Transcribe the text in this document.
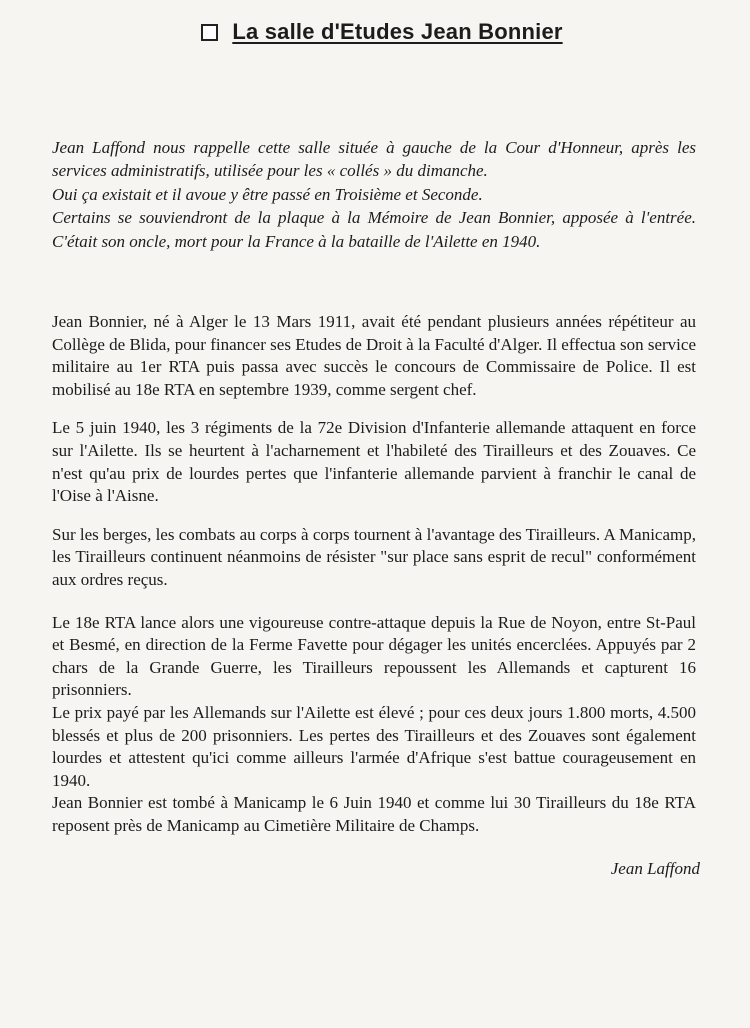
La salle d'Etudes Jean Bonnier

Jean Laffond nous rappelle cette salle située à gauche de la Cour d'Honneur, après les services administratifs, utilisée pour les « collés » du dimanche.

Oui ça existait et il avoue y être passé en Troisième et Seconde.

Certains se souviendront de la plaque à la Mémoire de Jean Bonnier, apposée à l'entrée. C'était son oncle, mort pour la France à la bataille de l'Ailette en 1940.

Jean Bonnier, né à Alger le 13 Mars 1911, avait été pendant plusieurs années répétiteur au Collège de Blida, pour financer ses Etudes de Droit à la Faculté d'Alger. Il effectua son service militaire au 1er RTA puis passa avec succès le concours de Commissaire de Police. Il est mobilisé au 18e RTA en septembre 1939, comme sergent chef.

Le 5 juin 1940, les 3 régiments de la 72e Division d'Infanterie allemande attaquent en force sur l'Ailette. Ils se heurtent à l'acharnement et l'habileté des Tirailleurs et des Zouaves. Ce n'est qu'au prix de lourdes pertes que l'infanterie allemande parvient à franchir le canal de l'Oise à l'Aisne.

Sur les berges, les combats au corps à corps tournent à l'avantage des Tirailleurs. A Manicamp, les Tirailleurs continuent néanmoins de résister "sur place sans esprit de recul" conformément aux ordres reçus.

Le 18e RTA lance alors une vigoureuse contre-attaque depuis la Rue de Noyon, entre St-Paul et Besmé, en direction de la Ferme Favette pour dégager les unités encerclées. Appuyés par 2 chars de la Grande Guerre, les Tirailleurs repoussent les Allemands et capturent 16 prisonniers.

Le prix payé par les Allemands sur l'Ailette est élevé ; pour ces deux jours 1.800 morts, 4.500 blessés et plus de 200 prisonniers. Les pertes des Tirailleurs et des Zouaves sont également lourdes et attestent qu'ici comme ailleurs l'armée d'Afrique s'est battue courageusement en 1940.

Jean Bonnier est tombé à Manicamp le 6 Juin 1940 et comme lui 30 Tirailleurs du 18e RTA reposent près de Manicamp au Cimetière Militaire de Champs.

Jean Laffond
